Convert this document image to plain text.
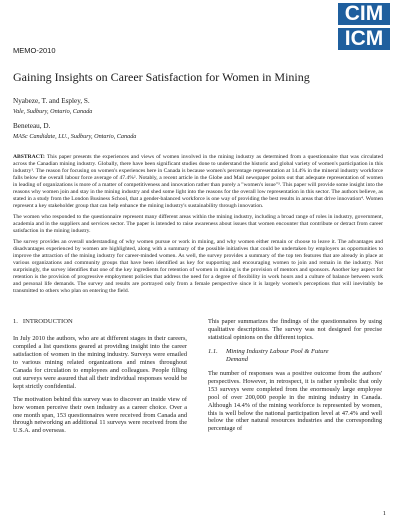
CIM
ICM
MEMO-2010
Gaining Insights on Career Satisfaction for Women in Mining
Nyabeze, T. and Espley, S.
Vale, Sudbury, Ontario, Canada
Beneteau, D.
MASc Candidate, LU., Sudbury, Ontario, Canada

ABSTRACT: This paper presents the experiences and views of women involved in the mining industry as determined from a questionnaire that was circulated across the Canadian mining industry. Globally, there have been significant studies done to understand the historic and global variety of women's participation in this industry¹. The reason for focusing on women's experiences here in Canada is because women's percentage representation at 14.4% in the mineral industry workforce falls below the overall labour force average of 47.4%². Notably, a recent article in the Globe and Mail newspaper points out that adequate representation of women in leading of organizations is more of a matter of competitiveness and innovation rather than purely a "women's issue"³. This paper will provide some insight into the reasons why women join and stay in the mining industry and shed some light into the reasons for the overall low representation in this sector. The authors believe, as stated in a study from the London Business School, that a gender-balanced workforce is one way of providing the best results in areas that drive innovation⁴. Women represent a key stakeholder group that can help enhance the mining industry's sustainability through innovation.

The women who responded to the questionnaire represent many different areas within the mining industry, including a broad range of roles in industry, government, academia and in the suppliers and services sector. The paper is intended to raise awareness about issues that women encounter that contribute or detract from career satisfaction in the mining industry.

The survey provides an overall understanding of why women pursue or work in mining, and why women either remain or choose to leave it. The advantages and disadvantages experienced by women are highlighted, along with a summary of the possible initiatives that could be undertaken by employers as opportunities to improve the attraction of the mining industry for career-minded women. As well, the survey provides a summary of the top ten features that are already in place at various organizations and community groups that have been identified as key for supporting and encouraging women to join and remain in the industry. Not surprisingly, the survey identifies that one of the key ingredients for retention of women in mining is the provision of mentors and sponsors. Another key aspect for retention is the provision of progressive employment policies that address the need for a degree of flexibility in work hours and a culture of balance between work and personal life demands. The survey and results are portrayed only from a female perspective since it is largely women's perceptions that will inevitably be transmitted to others who plan on entering the field.

1. INTRODUCTION

In July 2010 the authors, who are at different stages in their careers, compiled a list questions geared at providing insight into the career satisfaction of women in the mining industry. Surveys were emailed to various mining related organizations and mines throughout Canada for circulation to employees and colleagues. People filling out surveys were assured that all their individual responses would be kept strictly confidential.

The motivation behind this survey was to discover an inside view of how women perceive their own industry as a career choice. Over a one month span, 153 questionnaires were received from Canada and through networking an additional 11 surveys were received from the U.S.A. and overseas.

This paper summarizes the findings of the questionnaires by using qualitative descriptions. The survey was not designed for precise statistical opinions on the different topics.

1.1. Mining Industry Labour Pool & Future
Demand

The number of responses was a positive outcome from the authors' perspectives. However, in retrospect, it is rather symbolic that only 153 surveys were completed from the enormously large employee pool of over 200,000 people in the mining industry in Canada. Although 14.4% of the mining workforce is represented by women, this is well below the national participation level at 47.4% and well below the other natural resources industries and the corresponding percentage of

1
